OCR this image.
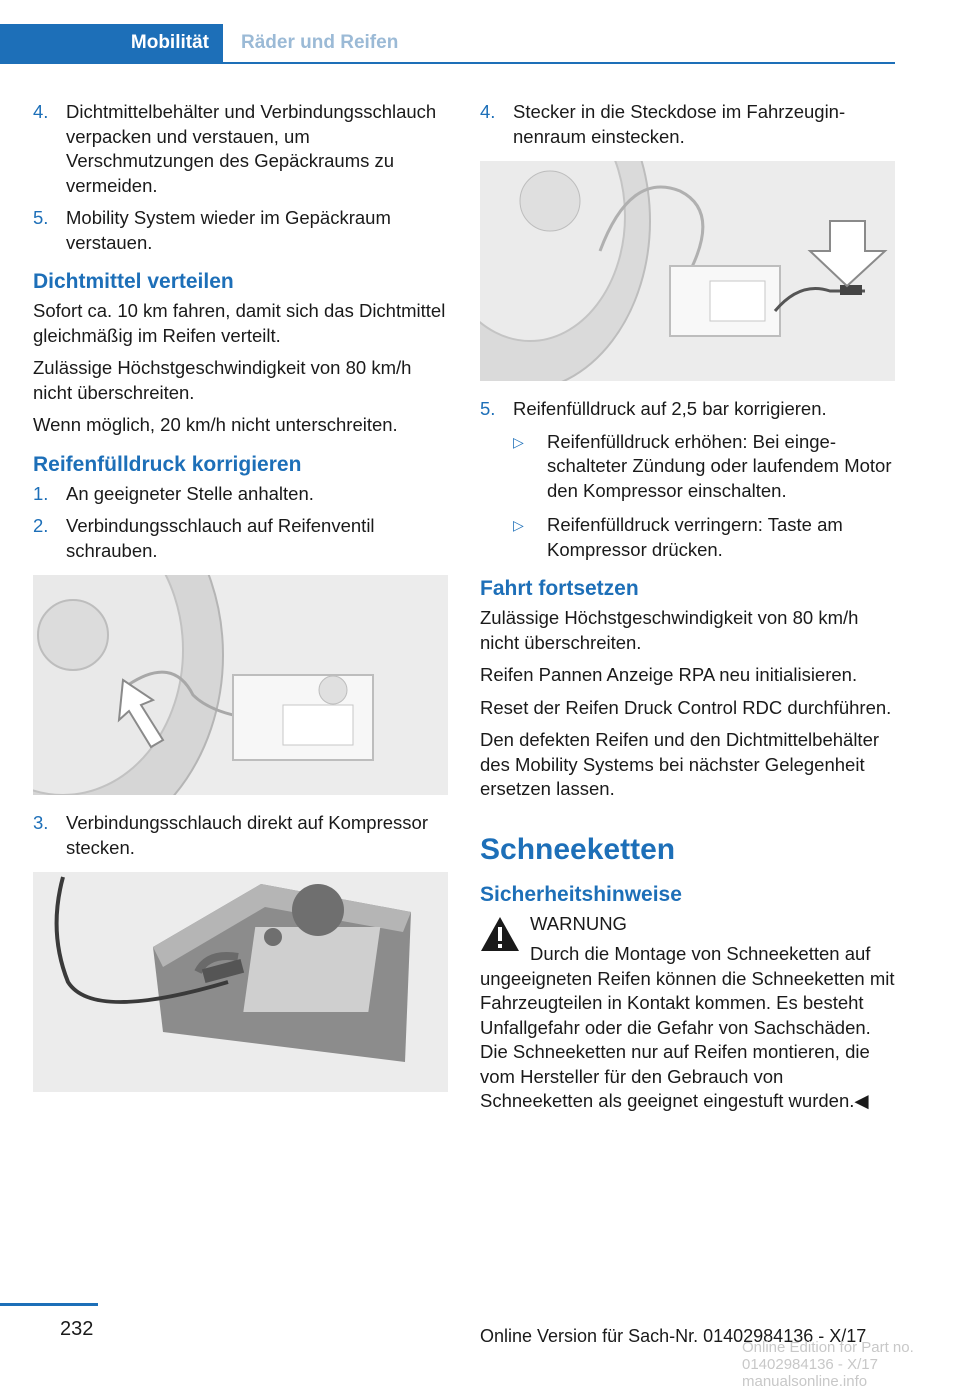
Mobilität	Räder und Reifen
4. Dichtmittelbehälter und Verbindungsschlauch verpacken und verstauen, um Verschmutzungen des Gepäckraums zu vermeiden.
5. Mobility System wieder im Gepäckraum verstauen.
Dichtmittel verteilen

Sofort ca. 10 km fahren, damit sich das Dichtmittel gleichmäßig im Reifen verteilt.

Zulässige Höchstgeschwindigkeit von 80 km/h nicht überschreiten.

Wenn möglich, 20 km/h nicht unterschreiten.

Reifenfülldruck korrigieren
1. An geeigneter Stelle anhalten.
2. Verbindungsschlauch auf Reifenventil schrauben.
3. Verbindungsschlauch direkt auf Kompressor stecken.
4. Stecker in die Steckdose im Fahrzeuginnenraum einstecken.
5. Reifenfülldruck auf 2,5 bar korrigieren.
▷ Reifenfülldruck erhöhen: Bei eingeschalteter Zündung oder laufendem Motor den Kompressor einschalten.
▷ Reifenfülldruck verringern: Taste am Kompressor drücken.
Fahrt fortsetzen

Zulässige Höchstgeschwindigkeit von 80 km/h nicht überschreiten.

Reifen Pannen Anzeige RPA neu initialisieren.

Reset der Reifen Druck Control RDC durchführen.

Den defekten Reifen und den Dichtmittelbehälter des Mobility Systems bei nächster Gelegenheit ersetzen lassen.

Schneeketten
Sicherheitshinweise

WARNUNG

Durch die Montage von Schneeketten auf ungeeigneten Reifen können die Schneeketten mit Fahrzeugteilen in Kontakt kommen. Es besteht Unfallgefahr oder die Gefahr von Sachschäden. Die Schneeketten nur auf Reifen montieren, die vom Hersteller für den Gebrauch von Schneeketten als geeignet eingestuft wurden.◀

232	Online Version für Sach-Nr. 01402984136 - X/17
Online Edition for Part no. 01402984136 - X/17 manualsonline.info
